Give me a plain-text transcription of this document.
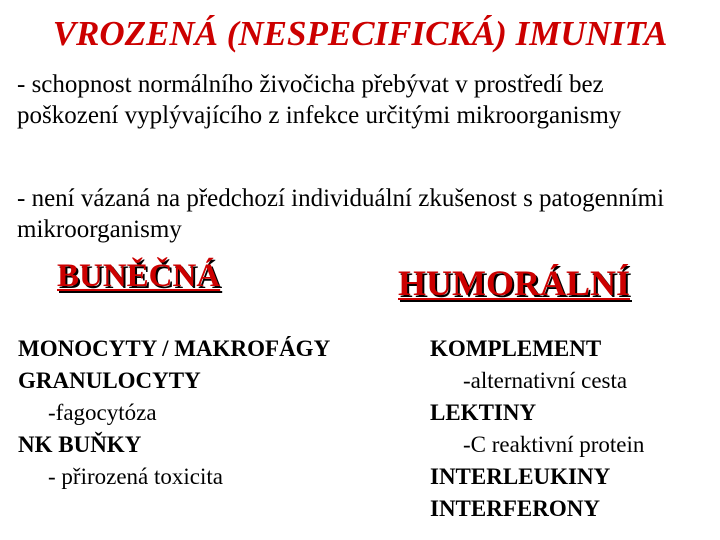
VROZENÁ (NESPECIFICKÁ) IMUNITA
- schopnost normálního živočicha přebývat v prostředí bez poškození vyplývajícího z infekce určitými mikroorganismy
- není vázaná na předchozí individuální zkušenost s patogenními mikroorganismy
BUNĚČNÁ	HUMORÁLNÍ
MONOCYTY / MAKROFÁGY
GRANULOCYTY
-fagocytóza
NK BUŇKY
- přirozená toxicita
KOMPLEMENT
-alternativní cesta
LEKTINY
-C reaktivní protein
INTERLEUKINY
INTERFERONY
